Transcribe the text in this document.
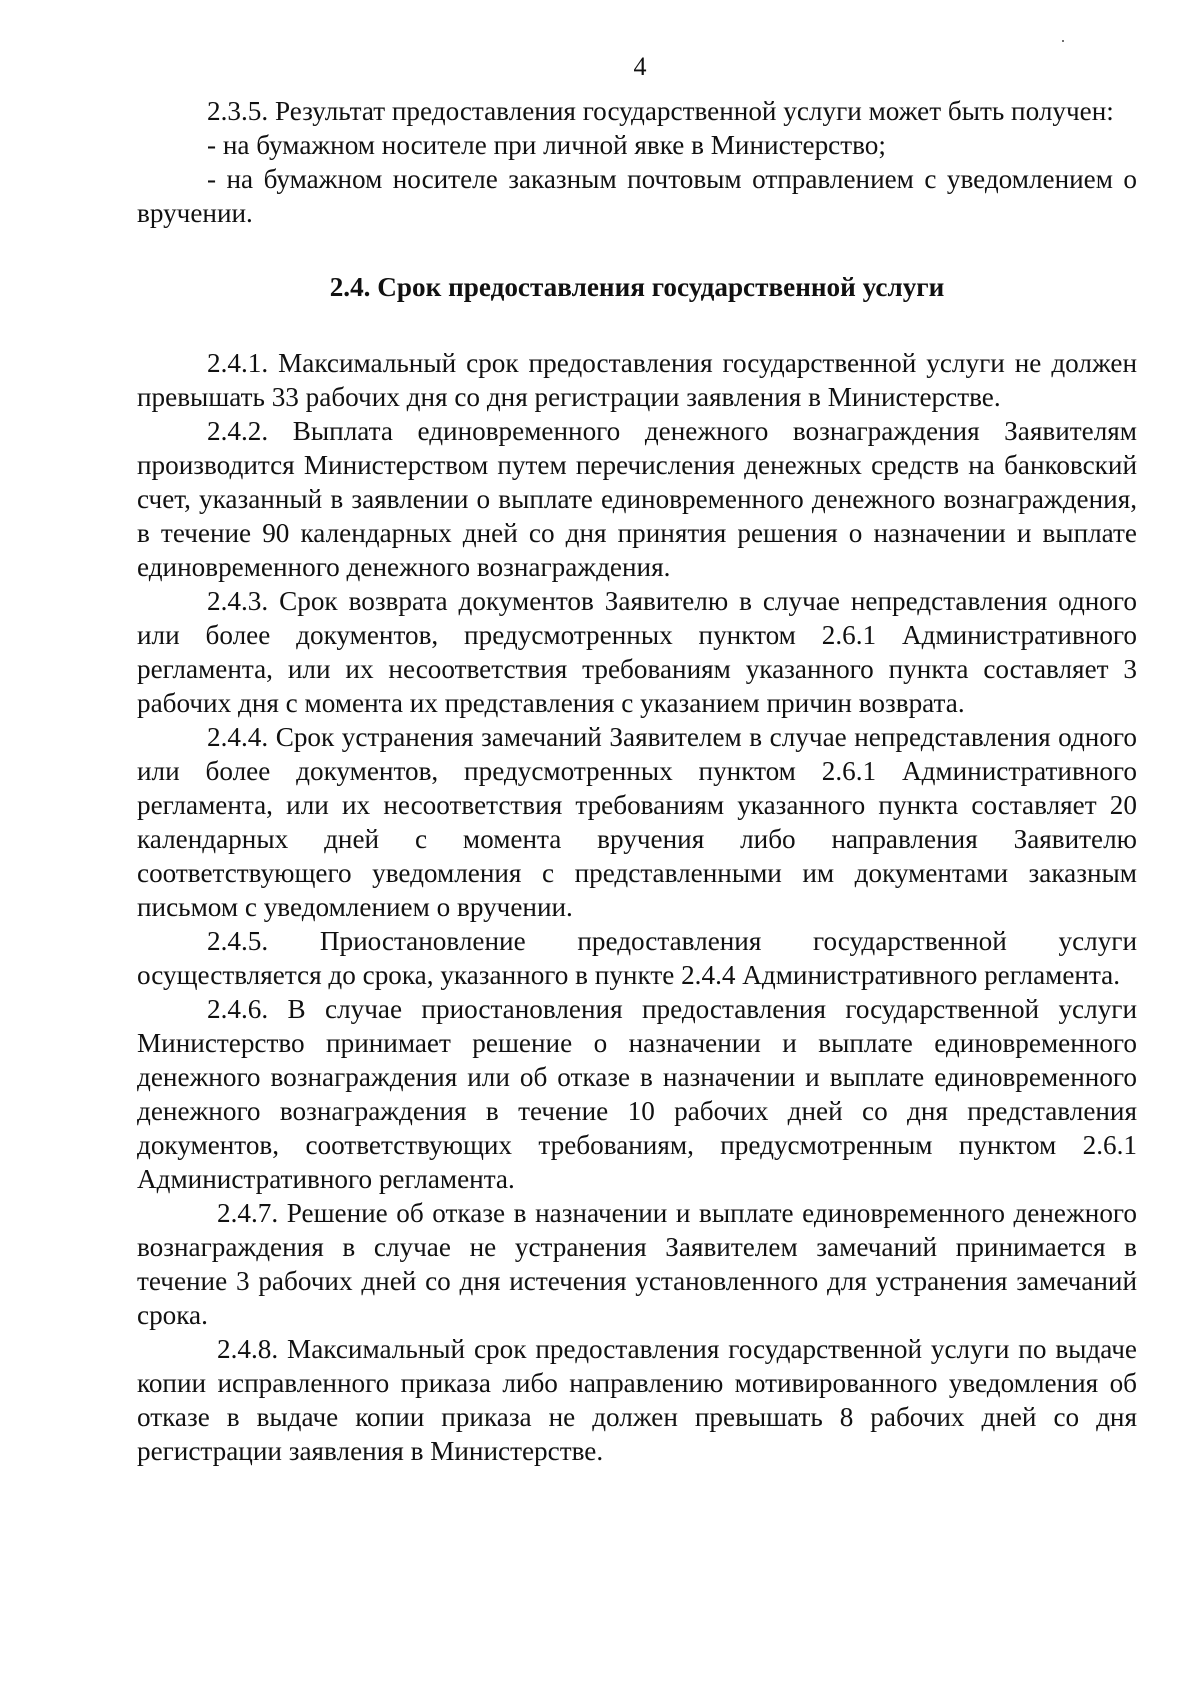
4

2.3.5. Результат предоставления государственной услуги может быть получен:

- на бумажном носителе при личной явке в Министерство;

- на бумажном носителе заказным почтовым отправлением с уведомлением о вручении.

2.4. Срок предоставления государственной услуги

2.4.1. Максимальный срок предоставления государственной услуги не должен превышать 33 рабочих дня со дня регистрации заявления в Министерстве.

2.4.2. Выплата единовременного денежного вознаграждения Заявителям производится Министерством путем перечисления денежных средств на банковский счет, указанный в заявлении о выплате единовременного денежного вознаграждения, в течение 90 календарных дней со дня принятия решения о назначении и выплате единовременного денежного вознаграждения.

2.4.3. Срок возврата документов Заявителю в случае непредставления одного или более документов, предусмотренных пунктом 2.6.1 Административного регламента, или их несоответствия требованиям указанного пункта составляет 3 рабочих дня с момента их представления с указанием причин возврата.

2.4.4. Срок устранения замечаний Заявителем в случае непредставления одного или более документов, предусмотренных пунктом 2.6.1 Административного регламента, или их несоответствия требованиям указанного пункта составляет 20 календарных дней с момента вручения либо направления Заявителю соответствующего уведомления с представленными им документами заказным письмом с уведомлением о вручении.

2.4.5. Приостановление предоставления государственной услуги осуществляется до срока, указанного в пункте 2.4.4 Административного регламента.

2.4.6. В случае приостановления предоставления государственной услуги Министерство принимает решение о назначении и выплате единовременного денежного вознаграждения или об отказе в назначении и выплате единовременного денежного вознаграждения в течение 10 рабочих дней со дня представления документов, соответствующих требованиям, предусмотренным пунктом 2.6.1 Административного регламента.

2.4.7. Решение об отказе в назначении и выплате единовременного денежного вознаграждения в случае не устранения Заявителем замечаний принимается в течение 3 рабочих дней со дня истечения установленного для устранения замечаний срока.

2.4.8. Максимальный срок предоставления государственной услуги по выдаче копии исправленного приказа либо направлению мотивированного уведомления об отказе в выдаче копии приказа не должен превышать 8 рабочих дней со дня регистрации заявления в Министерстве.
